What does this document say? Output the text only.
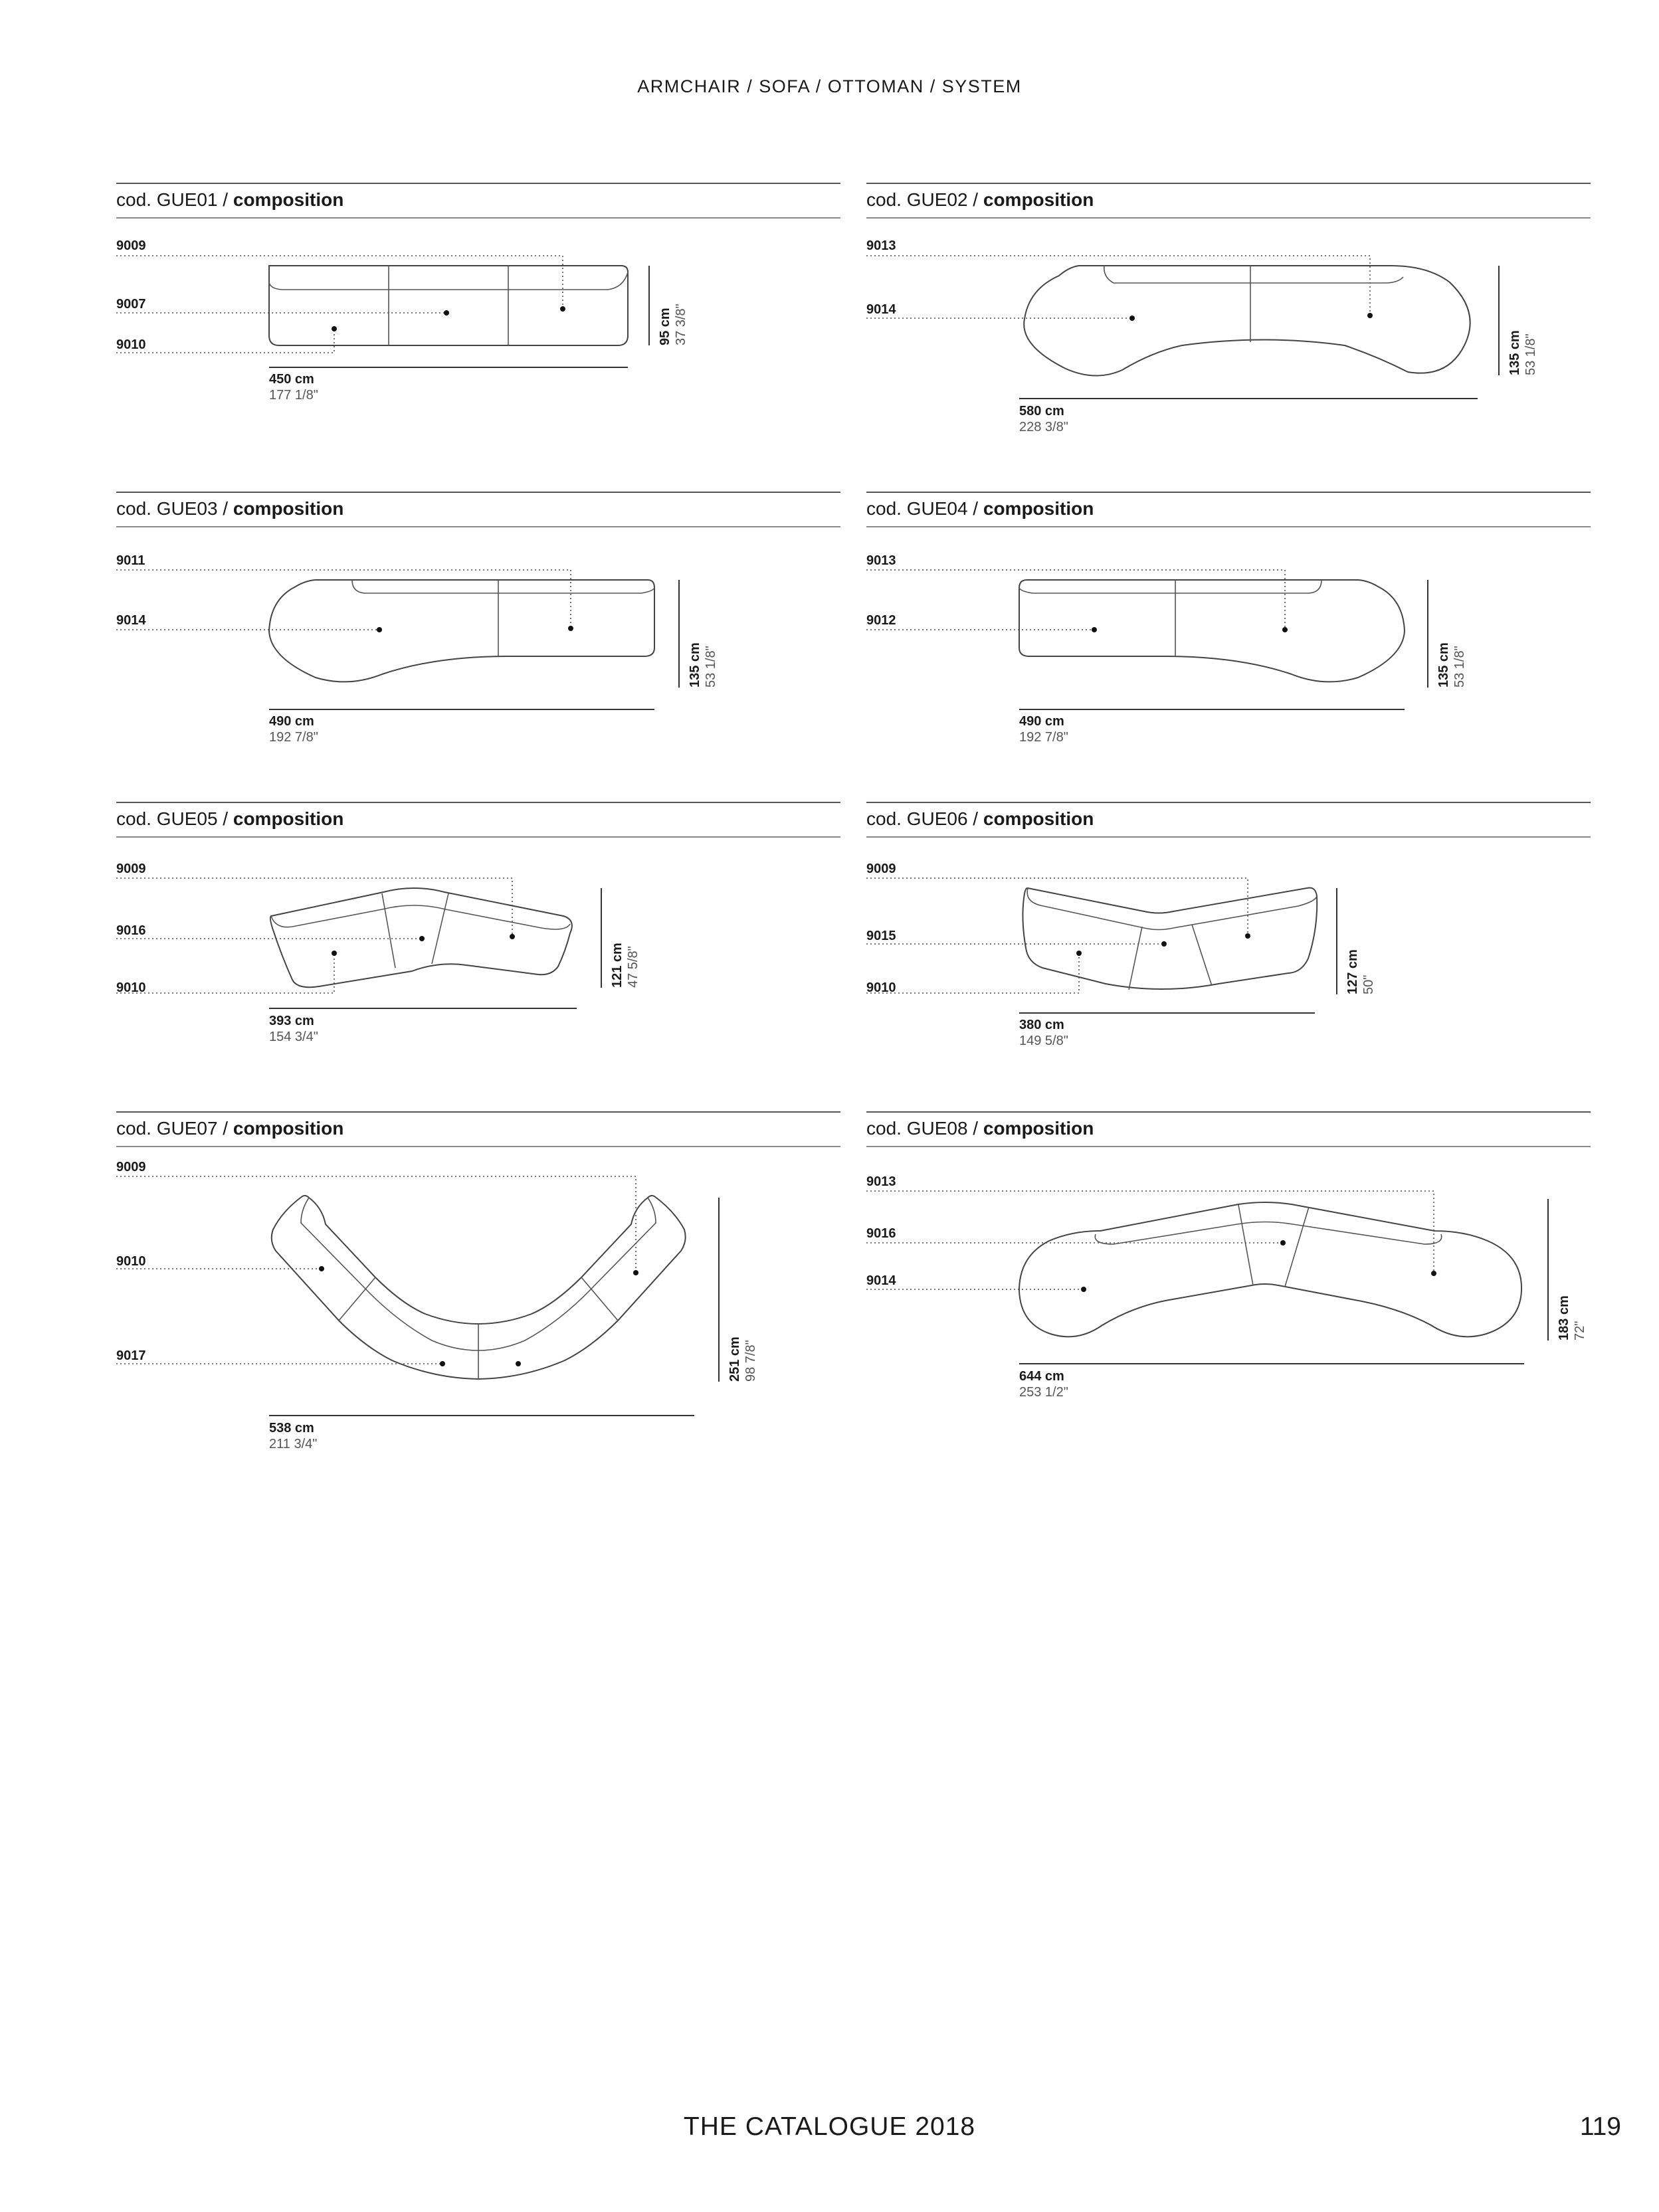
ARMCHAIR / SOFA / OTTOMAN / SYSTEM
cod. GUE01 / composition
9009
9007
9010
450 cm
177 1/8"
95 cm 37 3/8"
cod. GUE02 / composition
9013
9014
580 cm
228 3/8"
135 cm 53 1/8"
cod. GUE03 / composition
9011
9014
490 cm
192 7/8"
135 cm 53 1/8"
cod. GUE04 / composition
9013
9012
490 cm
192 7/8"
135 cm 53 1/8"
cod. GUE05 / composition
9009
9016
9010
393 cm
154 3/4"
121 cm 47 5/8"
cod. GUE06 / composition
9009
9015
9010
380 cm
149 5/8"
127 cm 50"
cod. GUE07 / composition
9009
9010
9017
538 cm
211 3/4"
251 cm 98 7/8"
cod. GUE08 / composition
9013
9016
9014
644 cm
253 1/2"
183 cm 72"
THE CATALOGUE 2018	119
